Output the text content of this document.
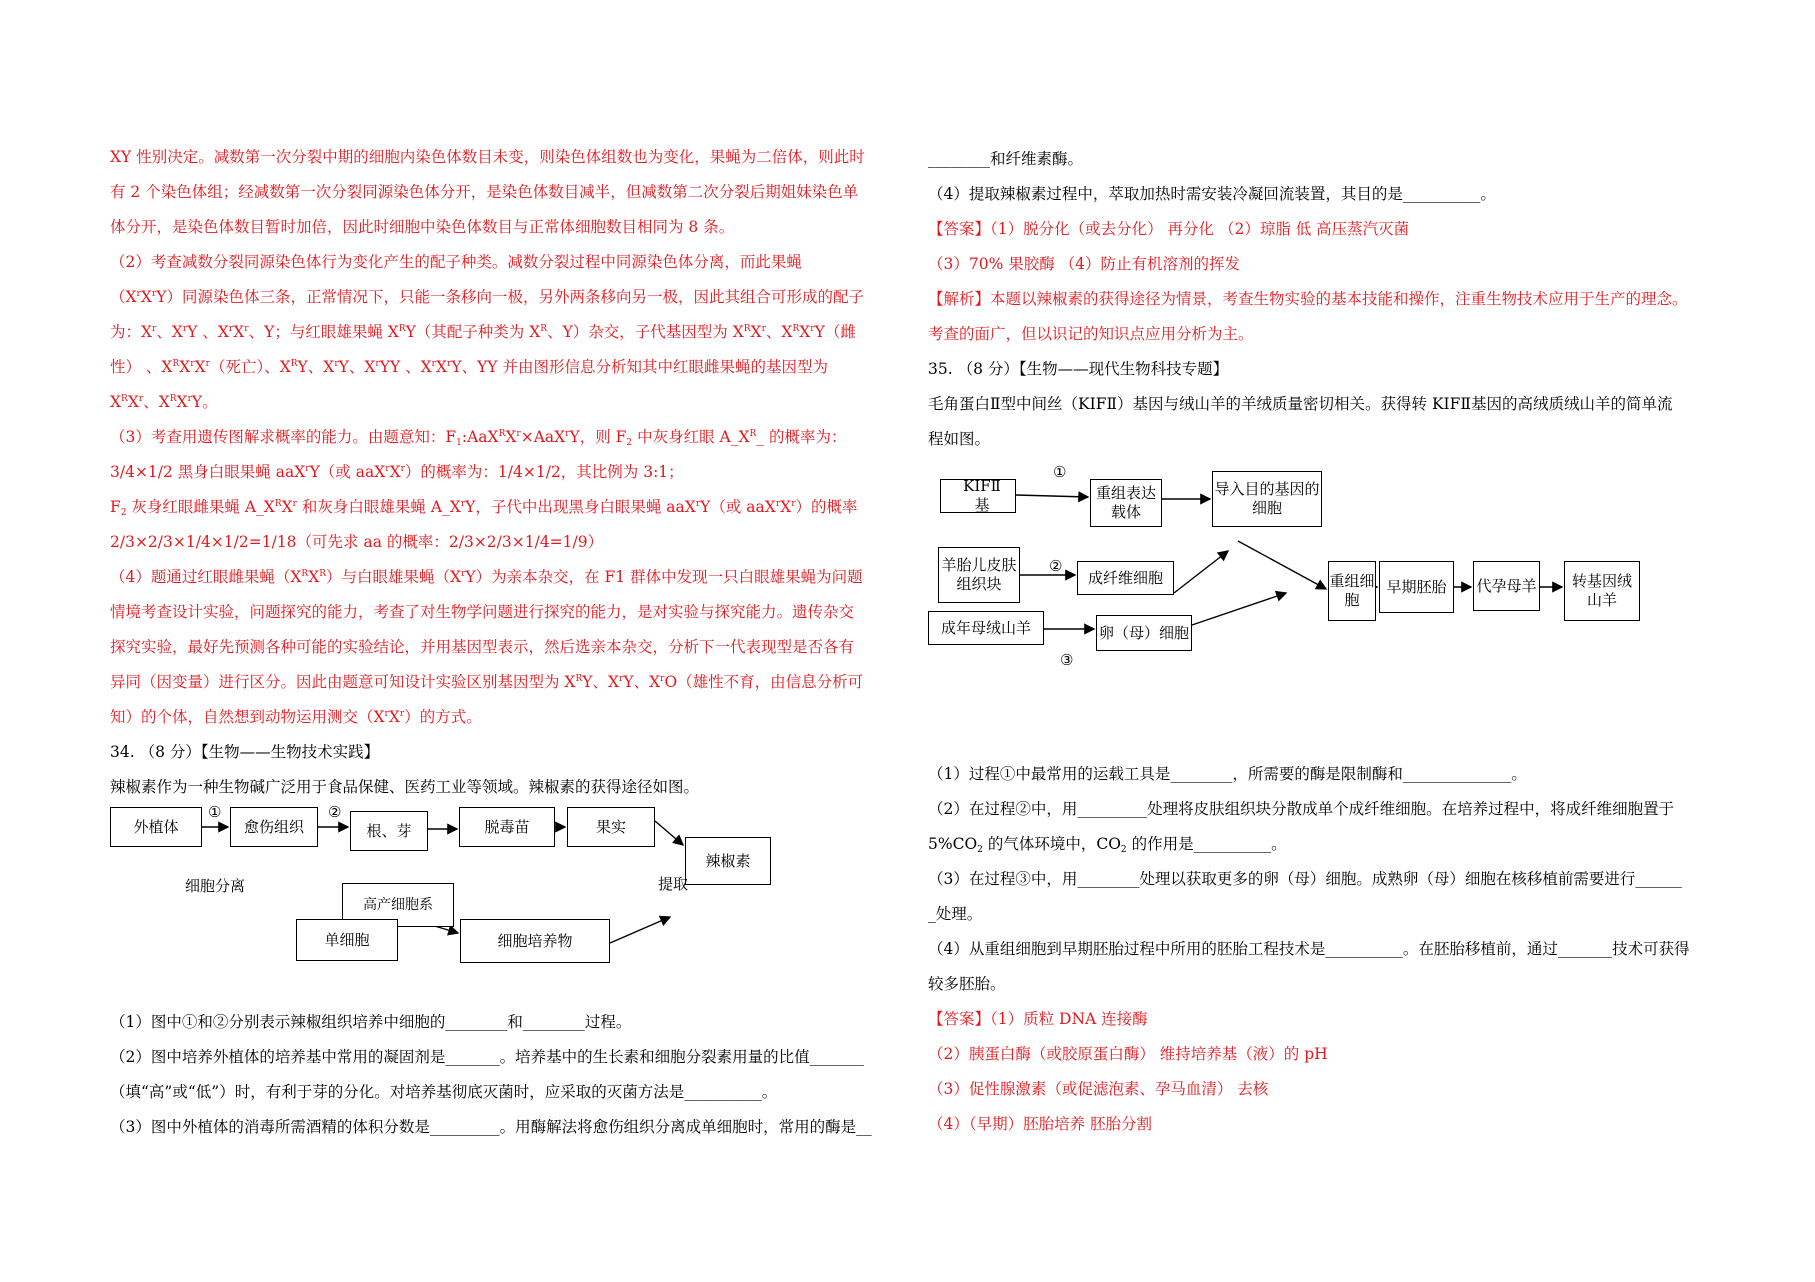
XY 性别决定。减数第一次分裂中期的细胞内染色体数目未变，则染色体组数也为变化，果蝇为二倍体，则此时
有 2 个染色体组；经减数第一次分裂同源染色体分开，是染色体数目减半，但减数第二次分裂后期姐妹染色单
体分开，是染色体数目暂时加倍，因此时细胞中染色体数目与正常体细胞数目相同为 8 条。
（2）考查减数分裂同源染色体行为变化产生的配子种类。减数分裂过程中同源染色体分离，而此果蝇
$(X^rX^rY)$同源染色体三条，正常情况下，只能一条移向一极，另外两条移向另一极，因此其组合可形成的配子
为：$X^r$、$X^rY$ 、$X^rX^r$、Y；与红眼雄果蝇 $X^RY$（其配子种类为 $X^R$、Y）杂交，子代基因型为 $X^RX^r$、$X^RX^rY$（雌
性） 、$X^RX^rX^r$（死亡）、$X^RY$、$X^rY$、$X^rYY$ 、$X^rX^rY$、YY 并由图形信息分析知其中红眼雌果蝇的基因型为
$X^RX^r$、$X^RX^rY$。
（3）考查用遗传图解求概率的能力。由题意知：$F_1:AaX^RX^r\times AaX^rY$，则 $F_2$ 中灰身红眼 $A\_X^R\_$ 的概率为：
3/4×1/2 黑身白眼果蝇 aaX$^r$Y（或 $aaX^rX^r$）的概率为：1/4×1/2，其比例为 3:1；
$F_2$ 灰身红眼雌果蝇 $A\_X^RX^r$ 和灰身白眼雄果蝇 $A\_X^rY$，子代中出现黑身白眼果蝇 aaX$^r$Y（或 $aaX^rX^r$）的概率
2/3×2/3×1/4×1/2=1/18（可先求 aa 的概率：2/3×2/3×1/4=1/9）
（4）题通过红眼雌果蝇$(X^RX^R)$与白眼雄果蝇$(X^rY)$为亲本杂交，在 F1 群体中发现一只白眼雄果蝇为问题
情境考查设计实验，问题探究的能力，考查了对生物学问题进行探究的能力，是对实验与探究能力。遗传杂交
探究实验，最好先预测各种可能的实验结论，并用基因型表示，然后选亲本杂交，分析下一代表现型是否各有
异同（因变量）进行区分。因此由题意可知设计实验区别基因型为 $X^RY$、$X^rY$、$X^rO$（雄性不育，由信息分析可
知）的个体，自然想到动物运用测交$(X^rX^r)$的方式。
34. （8 分）【生物——生物技术实践】
辣椒素作为一种生物碱广泛用于食品保健、医药工业等领域。辣椒素的获得途径如图。
外植体	愈伤组织	根、芽	脱毒苗	果实
辣椒素
高产细胞系
单细胞	细胞培养物
①	②
细胞分离	提取
（1）图中①和②分别表示辣椒组织培养中细胞的________和________过程。
（2）图中培养外植体的培养基中常用的凝固剂是_______。培养基中的生长素和细胞分裂素用量的比值_______
（填“高”或“低”）时，有利于芽的分化。对培养基彻底灭菌时，应采取的灭菌方法是__________。
（3）图中外植体的消毒所需酒精的体积分数是_________。用酶解法将愈伤组织分离成单细胞时，常用的酶是__
________和纤维素酶。
（4）提取辣椒素过程中，萃取加热时需安装冷凝回流装置，其目的是__________。
【答案】（1）脱分化（或去分化） 再分化 （2）琼脂 低 高压蒸汽灭菌
（3）70% 果胶酶 （4）防止有机溶剂的挥发
【解析】本题以辣椒素的获得途径为情景，考查生物实验的基本技能和操作，注重生物技术应用于生产的理念。
考查的面广，但以识记的知识点应用分析为主。
35. （8 分）【生物——现代生物科技专题】
毛角蛋白Ⅱ型中间丝（KIFⅡ）基因与绒山羊的羊绒质量密切相关。获得转 KIFⅡ基因的高绒质绒山羊的简单流
程如图。
KIFⅡ　基
重组表达载体
导入目的基因的细胞
羊胎儿皮肤组织块	成纤维细胞
成年母绒山羊	卵（母）细胞
重组细胞
早期胚胎	代孕母羊	转基因绒山羊
①
②
③
（1）过程①中最常用的运载工具是________，所需要的酶是限制酶和______________。
（2）在过程②中，用_________处理将皮肤组织块分散成单个成纤维细胞。在培养过程中，将成纤维细胞置于
$5\%CO_2$ 的气体环境中，$CO_2$ 的作用是__________。
（3）在过程③中，用________处理以获取更多的卵（母）细胞。成熟卵（母）细胞在核移植前需要进行______
_处理。
（4）从重组细胞到早期胚胎过程中所用的胚胎工程技术是__________。在胚胎移植前，通过_______技术可获得
较多胚胎。
【答案】（1）质粒 DNA 连接酶
（2）胰蛋白酶（或胶原蛋白酶） 维持培养基（液）的 pH
（3）促性腺激素（或促滤泡素、孕马血清） 去核
（4）（早期）胚胎培养 胚胎分割
